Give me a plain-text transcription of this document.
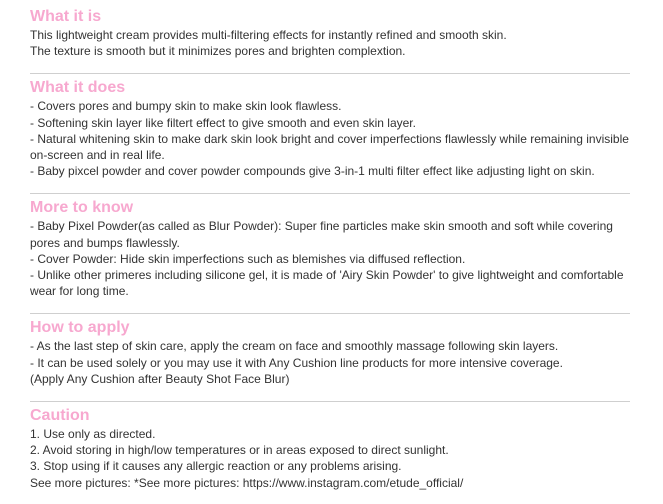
What it is
This lightweight cream provides multi-filtering effects for instantly refined and smooth skin.
The texture is smooth but it minimizes pores and brighten complextion.
What it does
- Covers pores and bumpy skin to make skin look flawless.
- Softening skin layer like filtert effect to give smooth and even skin layer.
- Natural whitening skin to make dark skin look bright and cover imperfections flawlessly while remaining invisible
on-screen and in real life.
- Baby pixcel powder and cover powder compounds give 3-in-1 multi filter effect like adjusting light on skin.
More to know
- Baby Pixel Powder(as called as Blur Powder): Super fine particles make skin smooth and soft while covering
pores and bumps flawlessly.
- Cover Powder: Hide skin imperfections such as blemishes via diffused reflection.
- Unlike other primeres including silicone gel, it is made of 'Airy Skin Powder' to give lightweight and comfortable
wear for long time.
How to apply
- As the last step of skin care, apply the cream on face and smoothly massage following skin layers.
- It can be used solely or you may use it with Any Cushion line products for more intensive coverage.
(Apply Any Cushion after Beauty Shot Face Blur)
Caution
1. Use only as directed.
2. Avoid storing in high/low temperatures or in areas exposed to direct sunlight.
3. Stop using if it causes any allergic reaction or any problems arising.
See more pictures: *See more pictures: https://www.instagram.com/etude_official/
